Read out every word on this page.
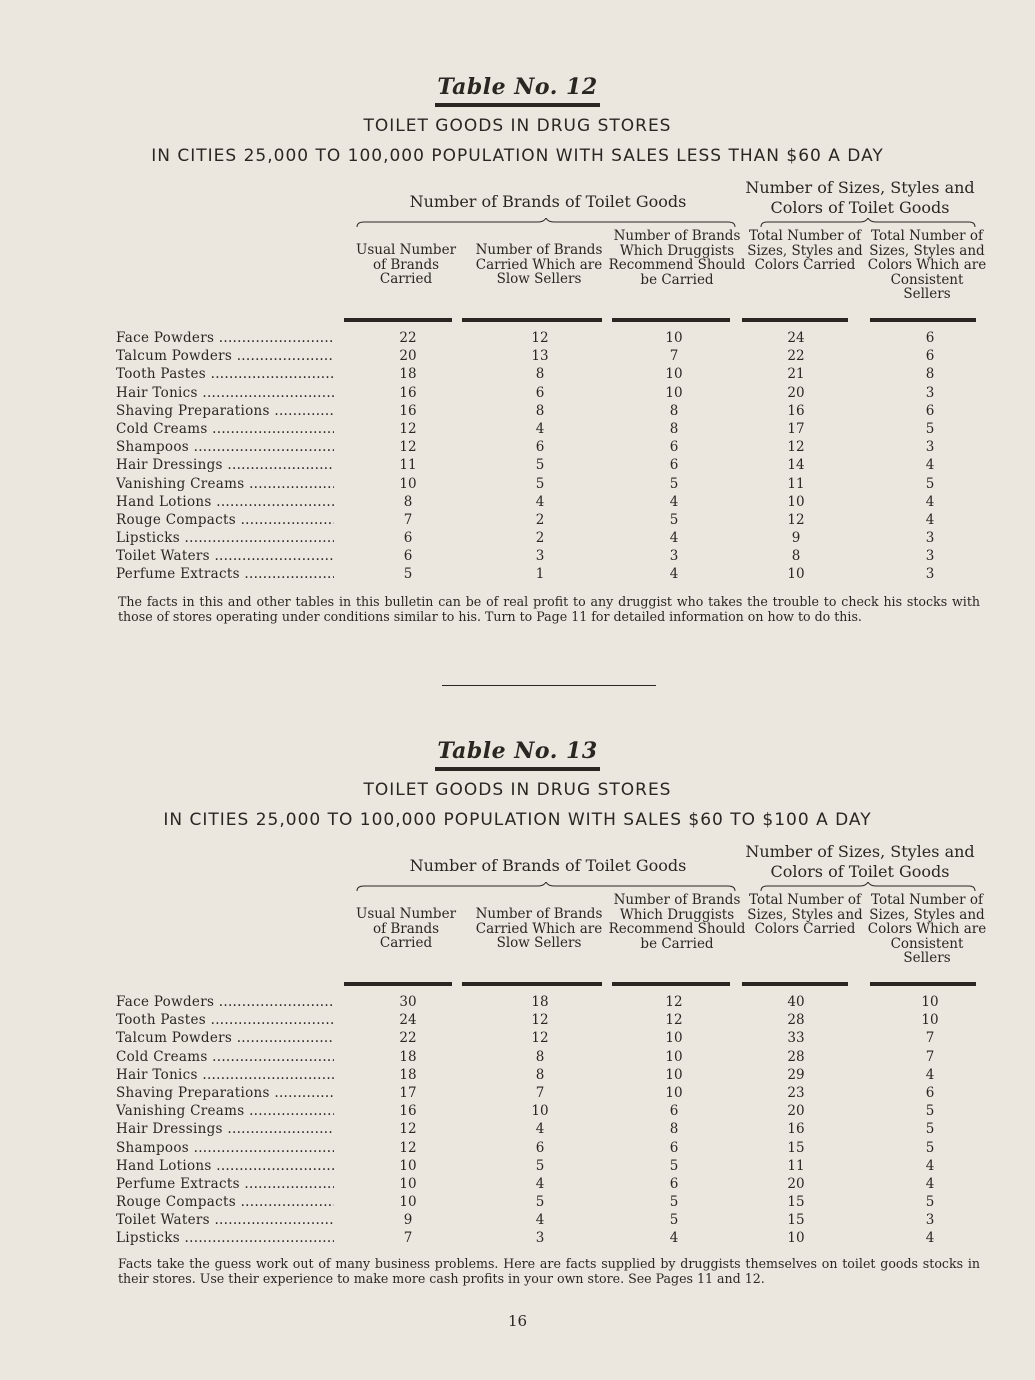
Table No. 12
TOILET GOODS IN DRUG STORES
IN CITIES 25,000 TO 100,000 POPULATION WITH SALES LESS THAN $60 A DAY
Number of Brands of Toilet Goods
Number of Sizes, Styles and Colors of Toilet Goods
Usual Number of Brands Carried
Number of Brands Carried Which are Slow Sellers
Number of Brands Which Druggists Recommend Should be Carried
Total Number of Sizes, Styles and Colors Carried
Total Number of Sizes, Styles and Colors Which are Consistent Sellers
Face Powders .....	22	12	10	24	6
Talcum Powders .....	20	13	7	22	6
Tooth Pastes .....	18	8	10	21	8
Hair Tonics .....	16	6	10	20	3
Shaving Preparations .....	16	8	8	16	6
Cold Creams .....	12	4	8	17	5
Shampoos .....	12	6	6	12	3
Hair Dressings .....	11	5	6	14	4
Vanishing Creams .....	10	5	5	11	5
Hand Lotions .....	8	4	4	10	4
Rouge Compacts .....	7	2	5	12	4
Lipsticks .....	6	2	4	9	3
Toilet Waters .....	6	3	3	8	3
Perfume Extracts .....	5	1	4	10	3
The facts in this and other tables in this bulletin can be of real profit to any druggist who takes the trouble to check his stocks with those of stores operating under conditions similar to his. Turn to Page 11 for detailed information on how to do this.
Table No. 13
TOILET GOODS IN DRUG STORES
IN CITIES 25,000 TO 100,000 POPULATION WITH SALES $60 TO $100 A DAY
Number of Brands of Toilet Goods
Number of Sizes, Styles and Colors of Toilet Goods
Usual Number of Brands Carried
Number of Brands Carried Which are Slow Sellers
Number of Brands Which Druggists Recommend Should be Carried
Total Number of Sizes, Styles and Colors Carried
Total Number of Sizes, Styles and Colors Which are Consistent Sellers
Face Powders .....	30	18	12	40	10
Tooth Pastes .....	24	12	12	28	10
Talcum Powders .....	22	12	10	33	7
Cold Creams .....	18	8	10	28	7
Hair Tonics .....	18	8	10	29	4
Shaving Preparations .....	17	7	10	23	6
Vanishing Creams .....	16	10	6	20	5
Hair Dressings .....	12	4	8	16	5
Shampoos .....	12	6	6	15	5
Hand Lotions .....	10	5	5	11	4
Perfume Extracts .....	10	4	6	20	4
Rouge Compacts .....	10	5	5	15	5
Toilet Waters .....	9	4	5	15	3
Lipsticks .....	7	3	4	10	4
Facts take the guess work out of many business problems. Here are facts supplied by druggists themselves on toilet goods stocks in their stores. Use their experience to make more cash profits in your own store. See Pages 11 and 12.
16
